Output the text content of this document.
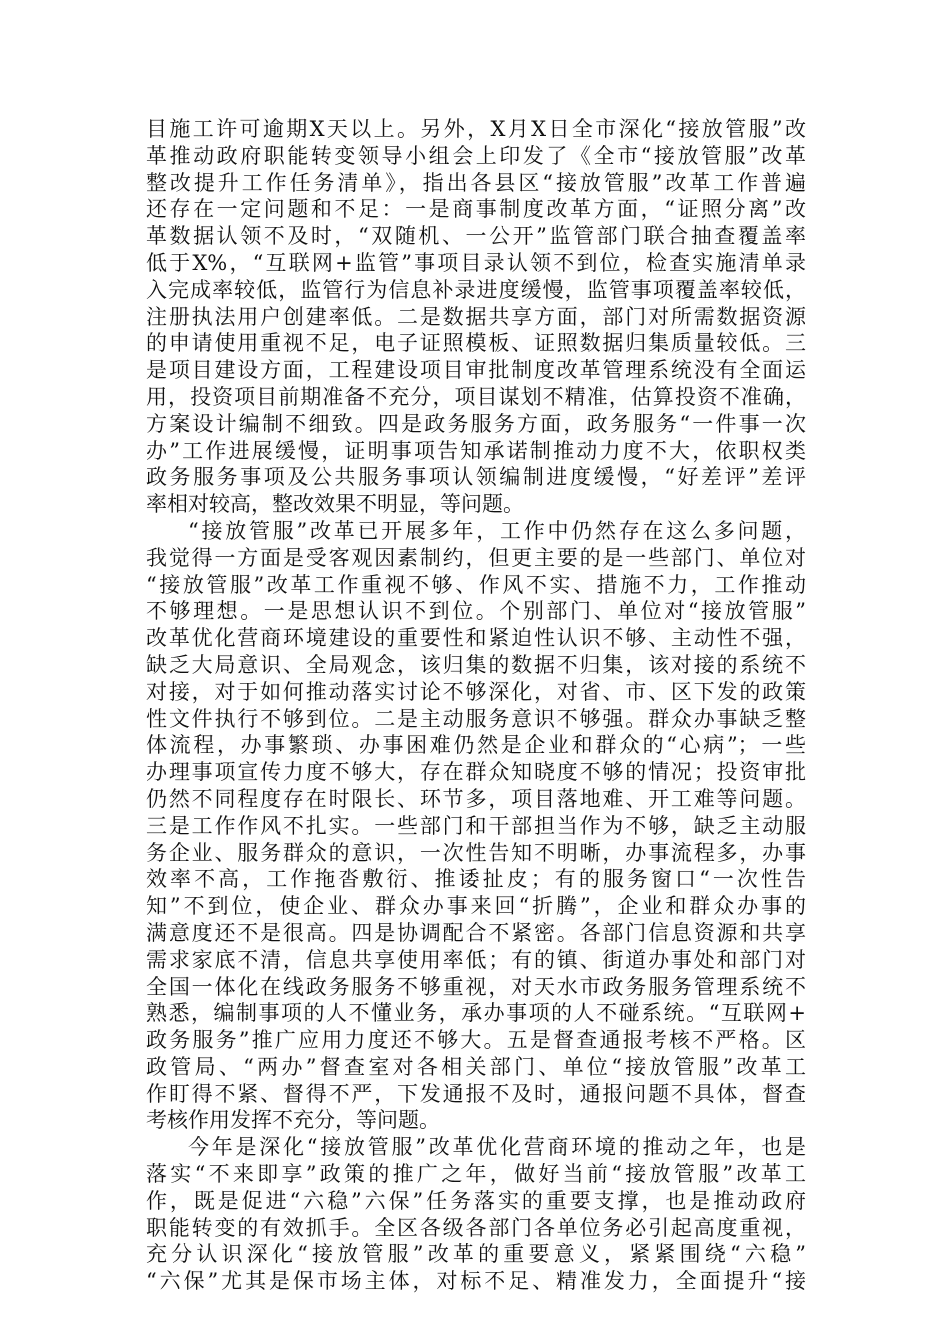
目施工许可逾期X天以上。另外，X月X日全市深化“接放管服”改
革推动政府职能转变领导小组会上印发了《全市“接放管服”改革
整改提升工作任务清单》，指出各县区“接放管服”改革工作普遍
还存在一定问题和不足：一是商事制度改革方面，“证照分离”改
革数据认领不及时，“双随机、一公开”监管部门联合抽查覆盖率
低于X%，“互联网+监管”事项目录认领不到位，检查实施清单录
入完成率较低，监管行为信息补录进度缓慢，监管事项覆盖率较低，
注册执法用户创建率低。二是数据共享方面，部门对所需数据资源
的申请使用重视不足，电子证照模板、证照数据归集质量较低。三
是项目建设方面，工程建设项目审批制度改革管理系统没有全面运
用，投资项目前期准备不充分，项目谋划不精准，估算投资不准确，
方案设计编制不细致。四是政务服务方面，政务服务“一件事一次
办”工作进展缓慢，证明事项告知承诺制推动力度不大，依职权类
政务服务事项及公共服务事项认领编制进度缓慢，“好差评”差评
率相对较高，整改效果不明显，等问题。
“接放管服”改革已开展多年，工作中仍然存在这么多问题，
我觉得一方面是受客观因素制约，但更主要的是一些部门、单位对
“接放管服”改革工作重视不够、作风不实、措施不力，工作推动
不够理想。一是思想认识不到位。个别部门、单位对“接放管服”
改革优化营商环境建设的重要性和紧迫性认识不够、主动性不强，
缺乏大局意识、全局观念，该归集的数据不归集，该对接的系统不
对接，对于如何推动落实讨论不够深化，对省、市、区下发的政策
性文件执行不够到位。二是主动服务意识不够强。群众办事缺乏整
体流程，办事繁琐、办事困难仍然是企业和群众的“心病”；一些
办理事项宣传力度不够大，存在群众知晓度不够的情况；投资审批
仍然不同程度存在时限长、环节多，项目落地难、开工难等问题。
三是工作作风不扎实。一些部门和干部担当作为不够，缺乏主动服
务企业、服务群众的意识，一次性告知不明晰，办事流程多，办事
效率不高，工作拖沓敷衍、推诿扯皮；有的服务窗口“一次性告
知”不到位，使企业、群众办事来回“折腾”，企业和群众办事的
满意度还不是很高。四是协调配合不紧密。各部门信息资源和共享
需求家底不清，信息共享使用率低；有的镇、街道办事处和部门对
全国一体化在线政务服务不够重视，对天水市政务服务管理系统不
熟悉，编制事项的人不懂业务，承办事项的人不碰系统。“互联网+
政务服务”推广应用力度还不够大。五是督查通报考核不严格。区
政管局、“两办”督查室对各相关部门、单位“接放管服”改革工
作盯得不紧、督得不严，下发通报不及时，通报问题不具体，督查
考核作用发挥不充分，等问题。
今年是深化“接放管服”改革优化营商环境的推动之年，也是
落实“不来即享”政策的推广之年，做好当前“接放管服”改革工
作，既是促进“六稳”六保”任务落实的重要支撑，也是推动政府
职能转变的有效抓手。全区各级各部门各单位务必引起高度重视，
充分认识深化“接放管服”改革的重要意义，紧紧围绕“六稳”
“六保”尤其是保市场主体，对标不足、精准发力，全面提升“接
